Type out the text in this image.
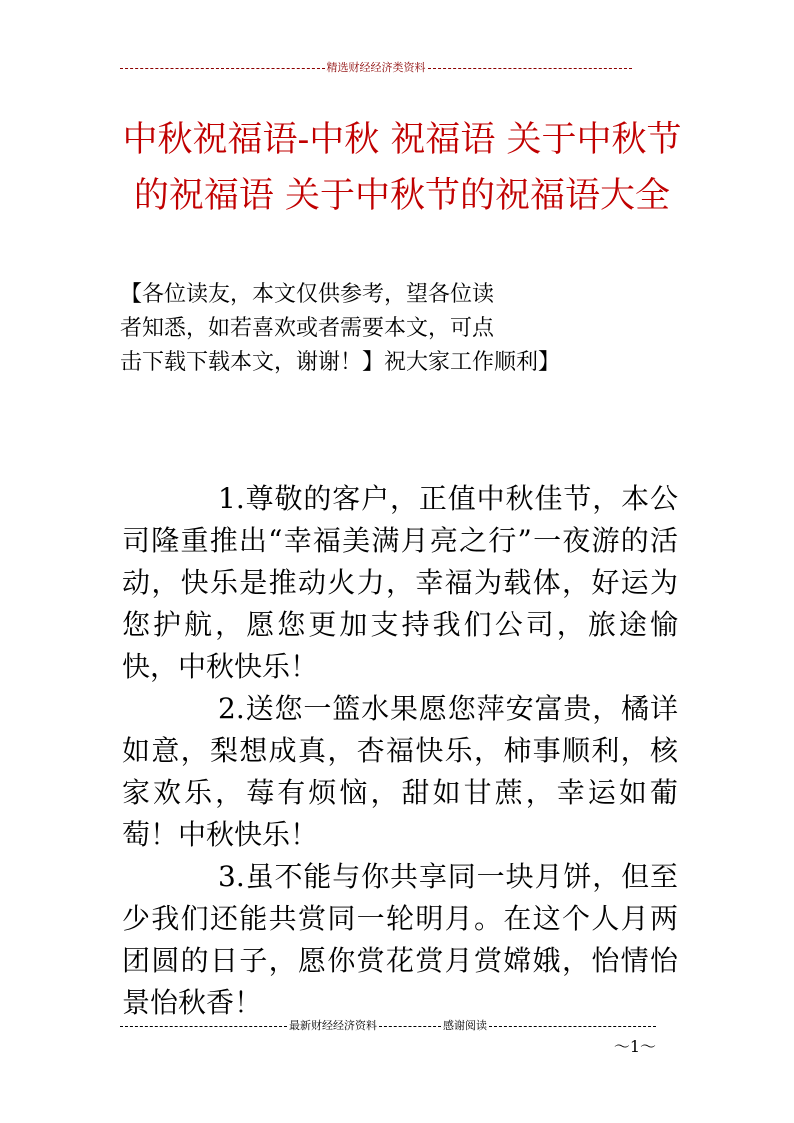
精选财经经济类资料
中秋祝福语-中秋 祝福语 关于中秋节的祝福语 关于中秋节的祝福语大全
【各位读友，本文仅供参考，望各位读
者知悉，如若喜欢或者需要本文，可点
击下载下载本文，谢谢！】祝大家工作顺利】

1.尊敬的客户，正值中秋佳节，本公司隆重推出“幸福美满月亮之行”一夜游的活动，快乐是推动火力，幸福为载体，好运为您护航，愿您更加支持我们公司，旅途愉快，中秋快乐！

2.送您一篮水果愿您萍安富贵，橘详如意，梨想成真，杏福快乐，柿事顺利，核家欢乐，莓有烦恼，甜如甘蔗，幸运如葡萄！中秋快乐！

3.虽不能与你共享同一块月饼，但至少我们还能共赏同一轮明月。在这个人月两团圆的日子，愿你赏花赏月赏嫦娥，怡情怡景怡秋香！

最新财经经济资料	感谢阅读
～1～
